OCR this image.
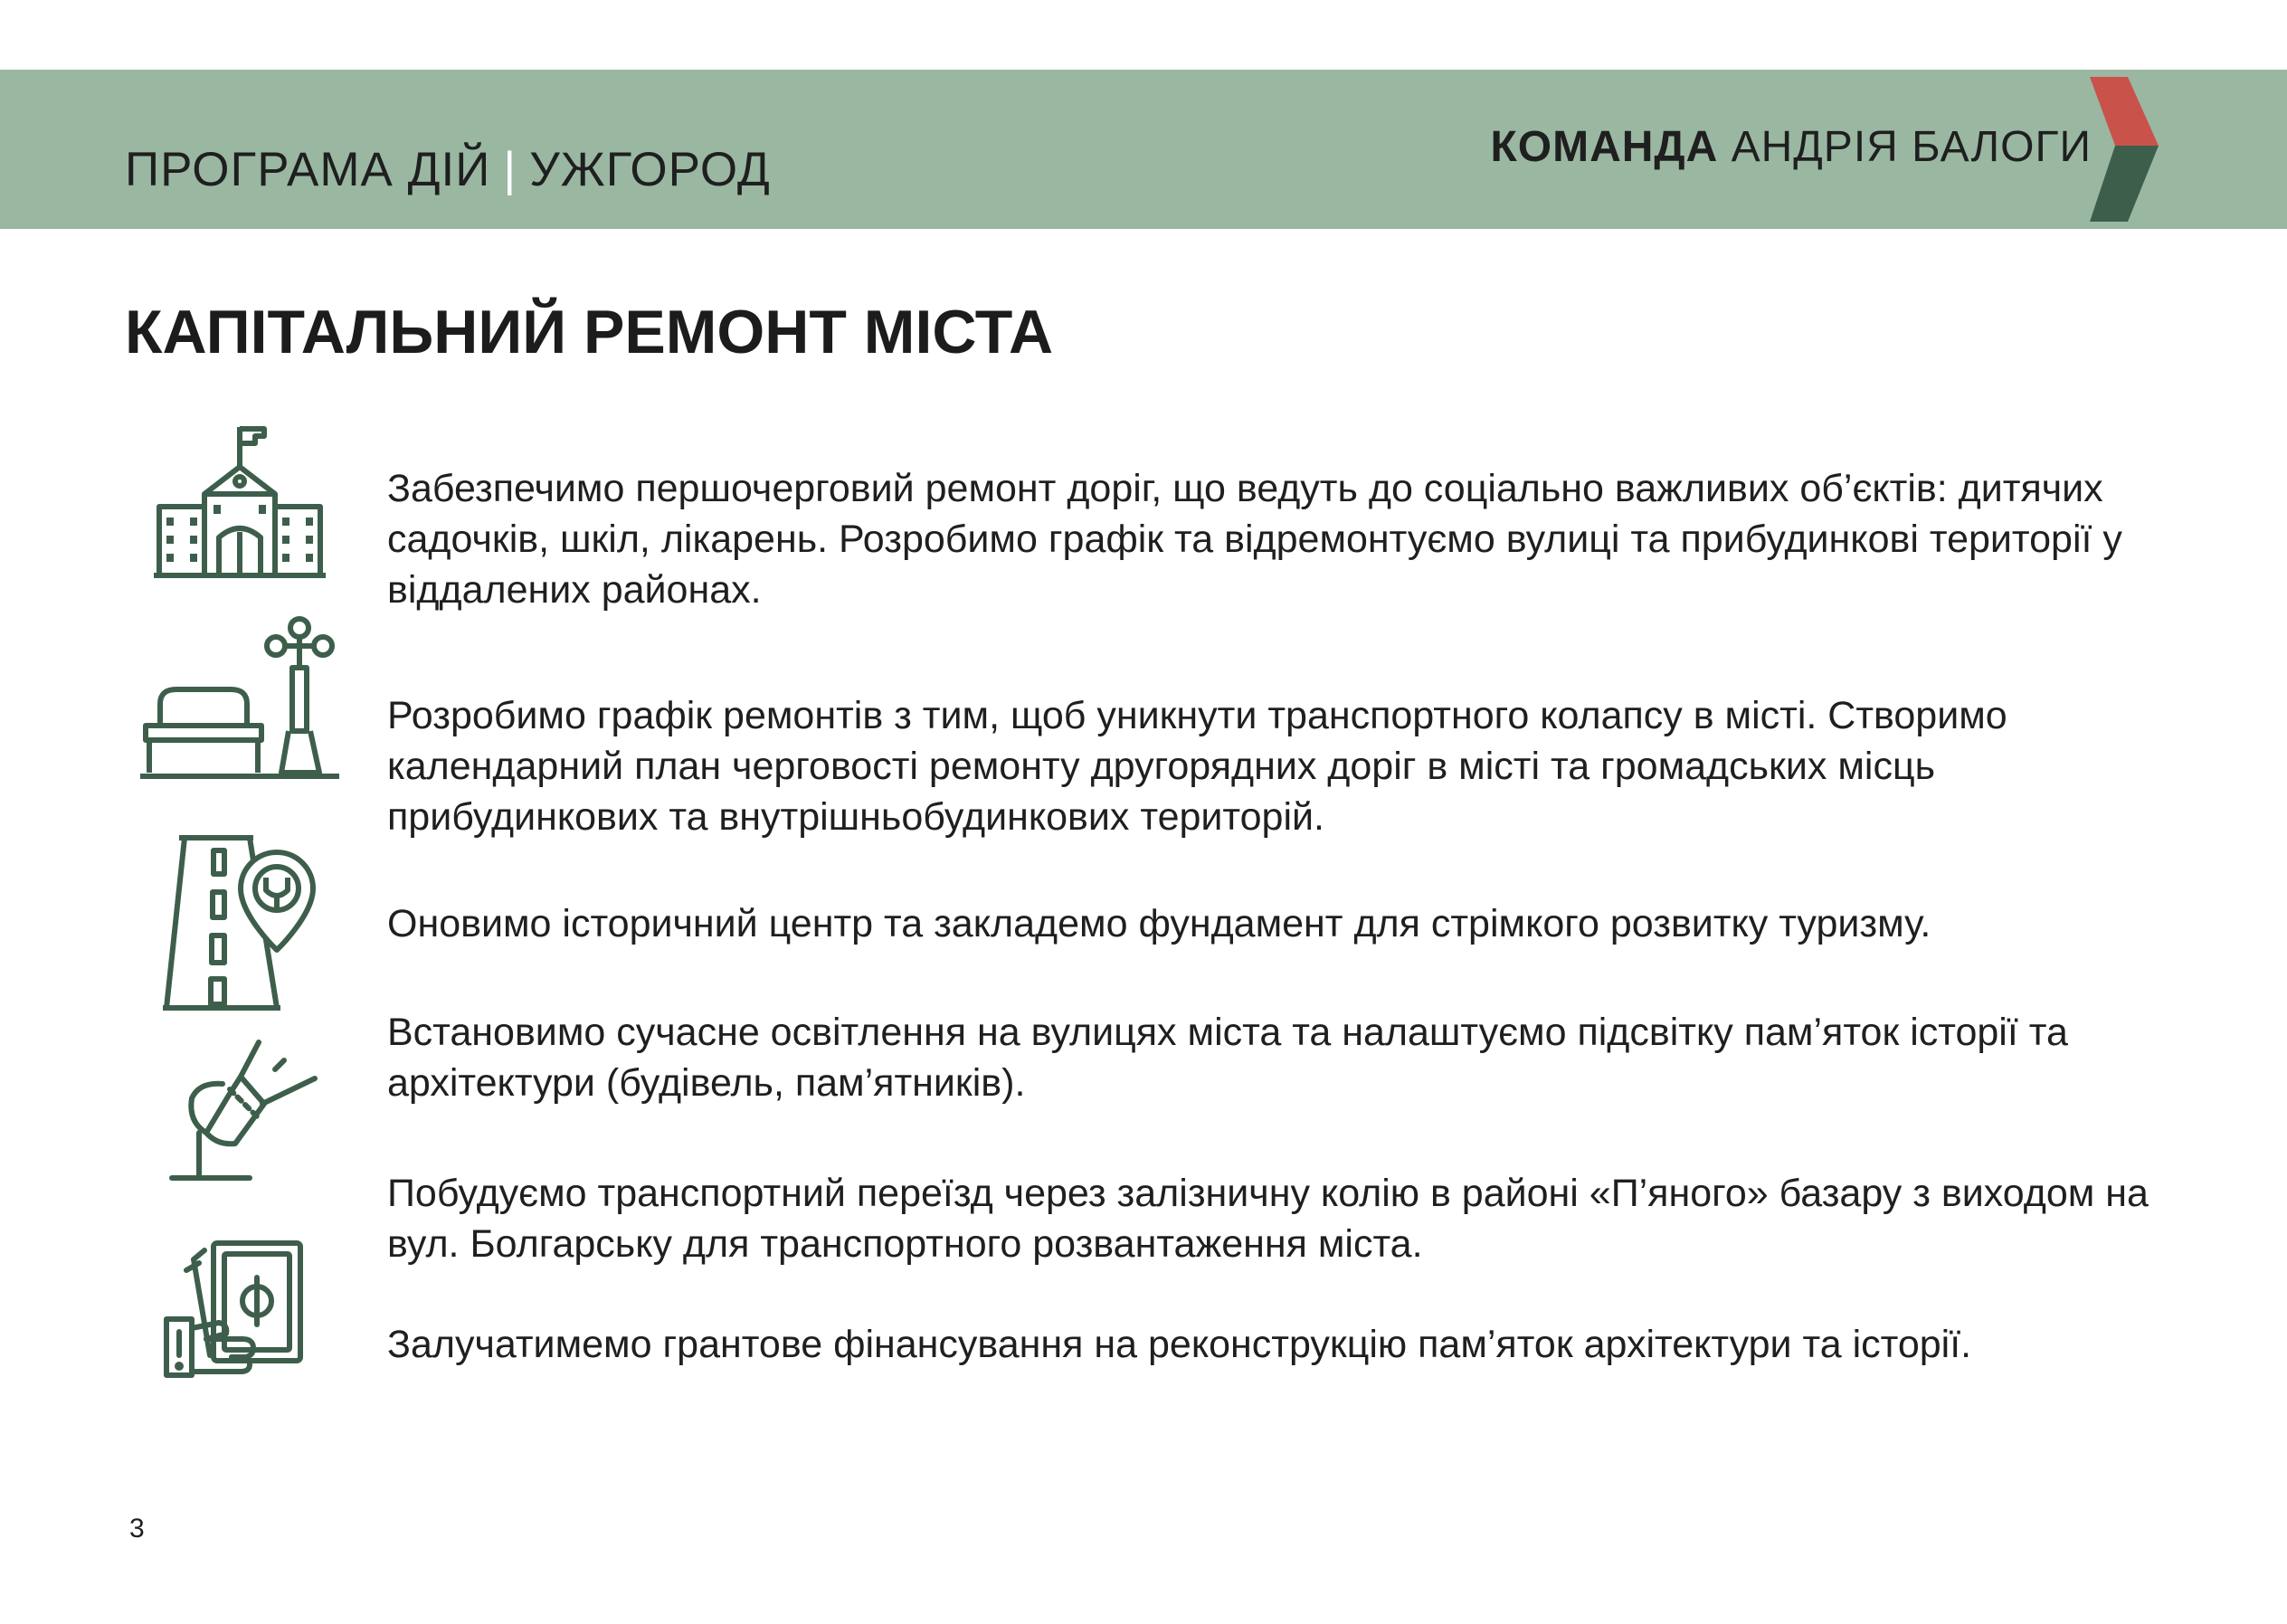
ПРОГРАМА ДІЙ | УЖГОРОД	КОМАНДА АНДРІЯ БАЛОГИ
КАПІТАЛЬНИЙ РЕМОНТ МІСТА

Забезпечимо першочерговий ремонт доріг, що ведуть до соціально важливих об’єктів: дитячих садочків, шкіл, лікарень. Розробимо графік та відремонтуємо вулиці та прибудинкові території у віддалених районах.

Розробимо графік ремонтів з тим, щоб уникнути транспортного колапсу в місті. Створимо календарний план черговості ремонту другорядних доріг в місті та громадських місць прибудинкових та внутрішньобудинкових територій.

Оновимо історичний центр та закладемо фундамент для стрімкого розвитку туризму.

Встановимо сучасне освітлення на вулицях міста та налаштуємо підсвітку пам’яток історії та архітектури (будівель, пам’ятників).

Побудуємо транспортний переїзд через залізничну колію в районі «П’яного» базару з виходом на вул. Болгарську для транспортного розвантаження міста.

Залучатимемо грантове фінансування на реконструкцію пам’яток архітектури та історії.

3
